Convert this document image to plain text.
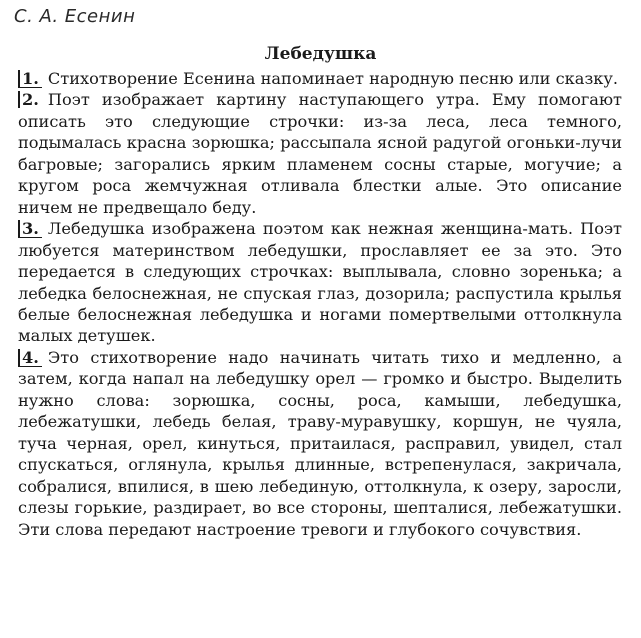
С. А. Есенин
Лебедушка

1. Стихотворение Есенина напоминает народную песню или сказку.

2. Поэт изображает картину наступающего утра. Ему помогают описать это следующие строчки: из-за леса, леса темного, подымалась красна зорюшка; рассыпала ясной радугой огоньки-лучи багровые; загорались ярким пламенем сосны старые, могучие; а кругом роса жемчужная отливала блестки алые. Это описание ничем не предвещало беду.

3. Лебедушка изображена поэтом как нежная женщина-мать. Поэт любуется материнством лебедушки, прославляет ее за это. Это передается в следующих строчках: выплывала, словно зоренька; а лебедка белоснежная, не спуская глаз, дозорила; распустила крылья белые белоснежная лебедушка и ногами помертвелыми оттолкнула малых детушек.

4. Это стихотворение надо начинать читать тихо и медленно, а затем, когда напал на лебедушку орел — громко и быстро. Выделить нужно слова: зорюшка, сосны, роса, камыши, лебедушка, лебежатушки, лебедь белая, траву-муравушку, коршун, не чуяла, туча черная, орел, кинуться, притаилася, расправил, увидел, стал спускаться, оглянула, крылья длинные, встрепенулася, закричала, собралися, впилися, в шею лебединую, оттолкнула, к озеру, заросли, слезы горькие, раздирает, во все стороны, шепталися, лебежатушки. Эти слова передают настроение тревоги и глубокого сочувствия.
